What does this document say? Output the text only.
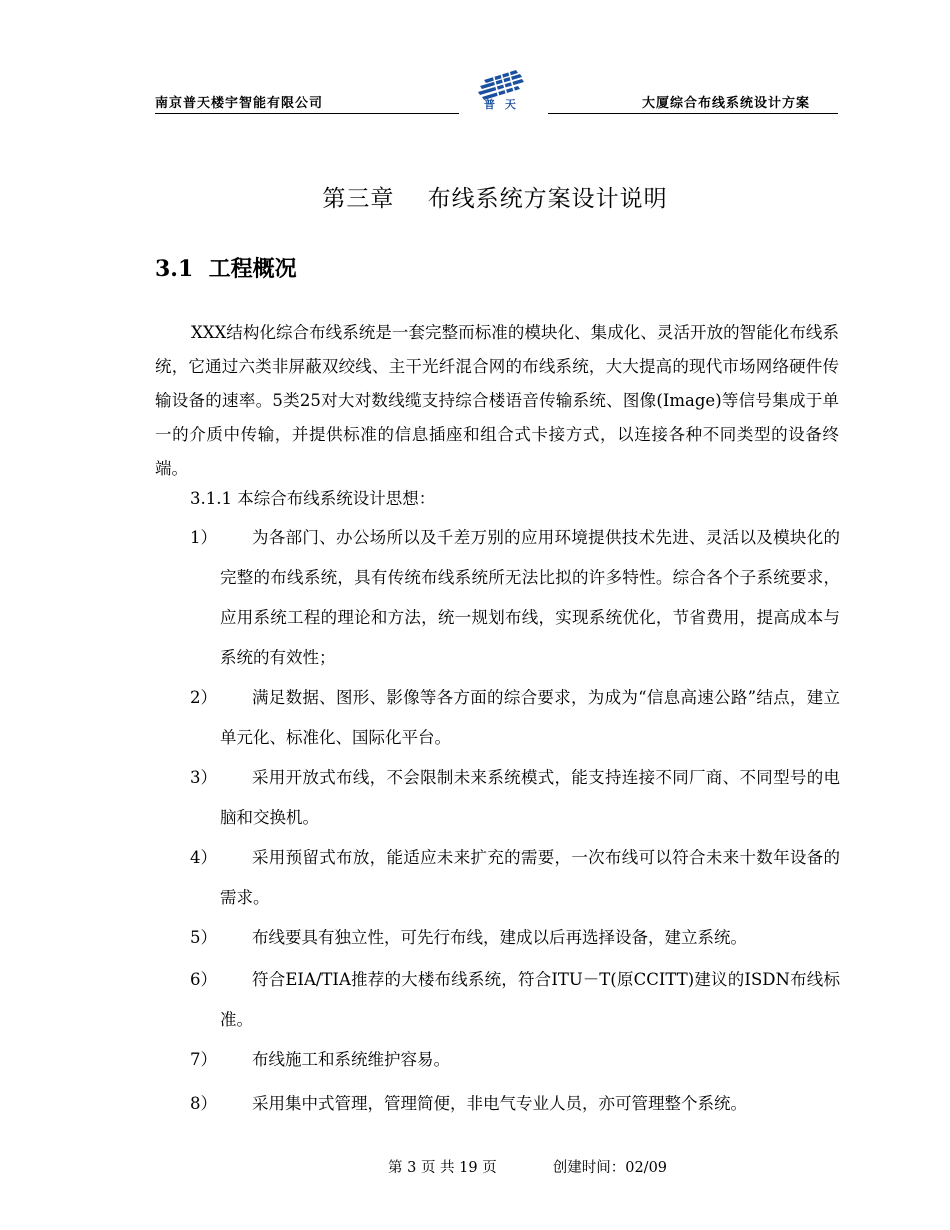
南京普天楼宇智能有限公司	普 天	大厦综合布线系统设计方案
第三章    布线系统方案设计说明
3.1  工程概况
XXX结构化综合布线系统是一套完整而标准的模块化、集成化、灵活开放的智能化布线系统，它通过六类非屏蔽双绞线、主干光纤混合网的布线系统，大大提高的现代市场网络硬件传输设备的速率。5类25对大对数线缆支持综合楼语音传输系统、图像(Image)等信号集成于单一的介质中传输，并提供标准的信息插座和组合式卡接方式，以连接各种不同类型的设备终端。
3.1.1 本综合布线系统设计思想：
1）	为各部门、办公场所以及千差万别的应用环境提供技术先进、灵活以及模块化的完整的布线系统，具有传统布线系统所无法比拟的许多特性。综合各个子系统要求，应用系统工程的理论和方法，统一规划布线，实现系统优化，节省费用，提高成本与系统的有效性；
2）	满足数据、图形、影像等各方面的综合要求，为成为“信息高速公路”结点，建立单元化、标准化、国际化平台。
3）	采用开放式布线，不会限制未来系统模式，能支持连接不同厂商、不同型号的电脑和交换机。
4）	采用预留式布放，能适应未来扩充的需要，一次布线可以符合未来十数年设备的需求。
5）	布线要具有独立性，可先行布线，建成以后再选择设备，建立系统。
6）	符合EIA/TIA推荐的大楼布线系统，符合ITU－T(原CCITT)建议的ISDN布线标准。
7）	布线施工和系统维护容易。
8）	采用集中式管理，管理简便，非电气专业人员，亦可管理整个系统。
第 3 页 共 19 页	创建时间：02/09
